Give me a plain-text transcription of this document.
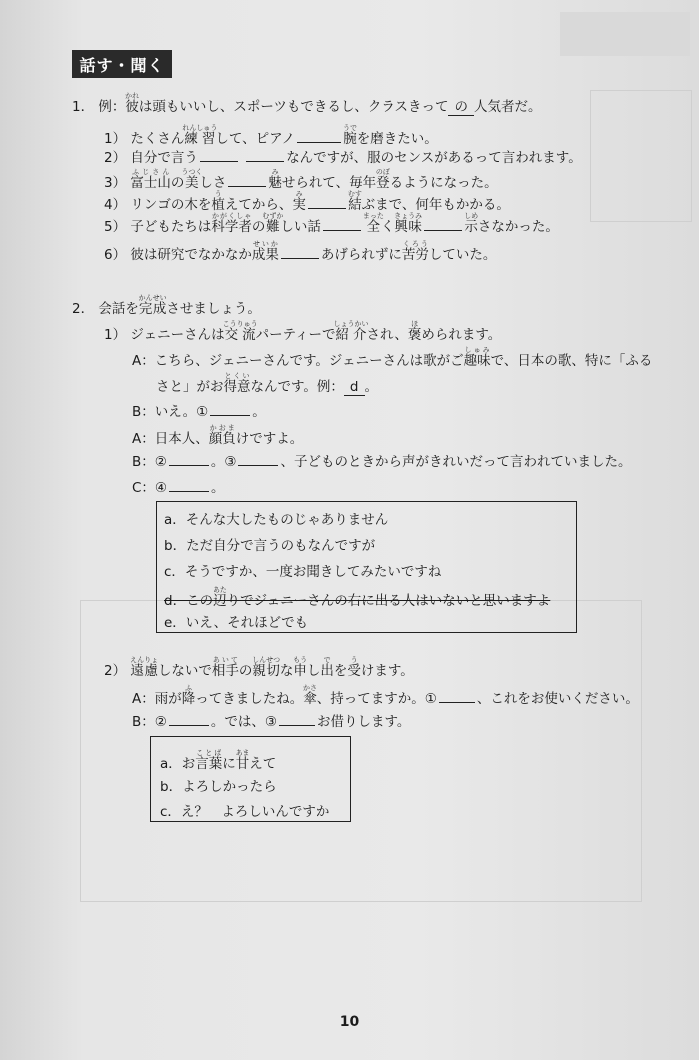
話す・聞く
1． 例：彼かれは頭もいいし、スポーツもできるし、クラスきって の 人気者だ。
1） たくさん練習れんしゅうして、ピアノ	腕うでを磨きたい。
2） 自分で言う	なんですが、服のセンスがあるって言われます。
3） 富士山ふじさんの美うつくしさ	魅みせられて、毎年登のぼるようになった。
4） リンゴの木を植うえてから、実み結むすぶまで、何年もかかる。
5） 子どもたちは科学者かがくしゃの難むずかしい話	全まったく興味きょうみ示しめさなかった。
6） 彼は研究でなかなか成果せいかあげられずに苦労くろうしていた。
2． 会話を完成かんせいさせましょう。
1） ジェニーさんは交流こうりゅうパーティーで紹介しょうかいされ、褒ほめられます。
A：こちら、ジェニーさんです。ジェニーさんは歌がご趣味しゅみで、日本の歌、特に「ふる
さと」がお得意とくいなんです。例： d 。
B：いえ。①	。
A：日本人、顔負かおまけですよ。
B：②	。③	、子どものときから声がきれいだって言われていました。
C：④	。
a．そんな大したものじゃありません
b．ただ自分で言うのもなんですが
c．そうですか、一度お聞きしてみたいですね
d．この辺あたりでジェニーさんの右に出る人はいないと思いますよ
e．いえ、それほどでも
2） 遠慮えんりょしないで相手あいての親切しんせつな申もうし出でを受うけます。
A：雨が降ふってきましたね。傘かさ、持ってますか。①	、これをお使いください。
B：②	。では、③	お借りします。
a．お言葉ことばに甘あまえて
b．よろしかったら
c．え？　よろしいんですか
10
